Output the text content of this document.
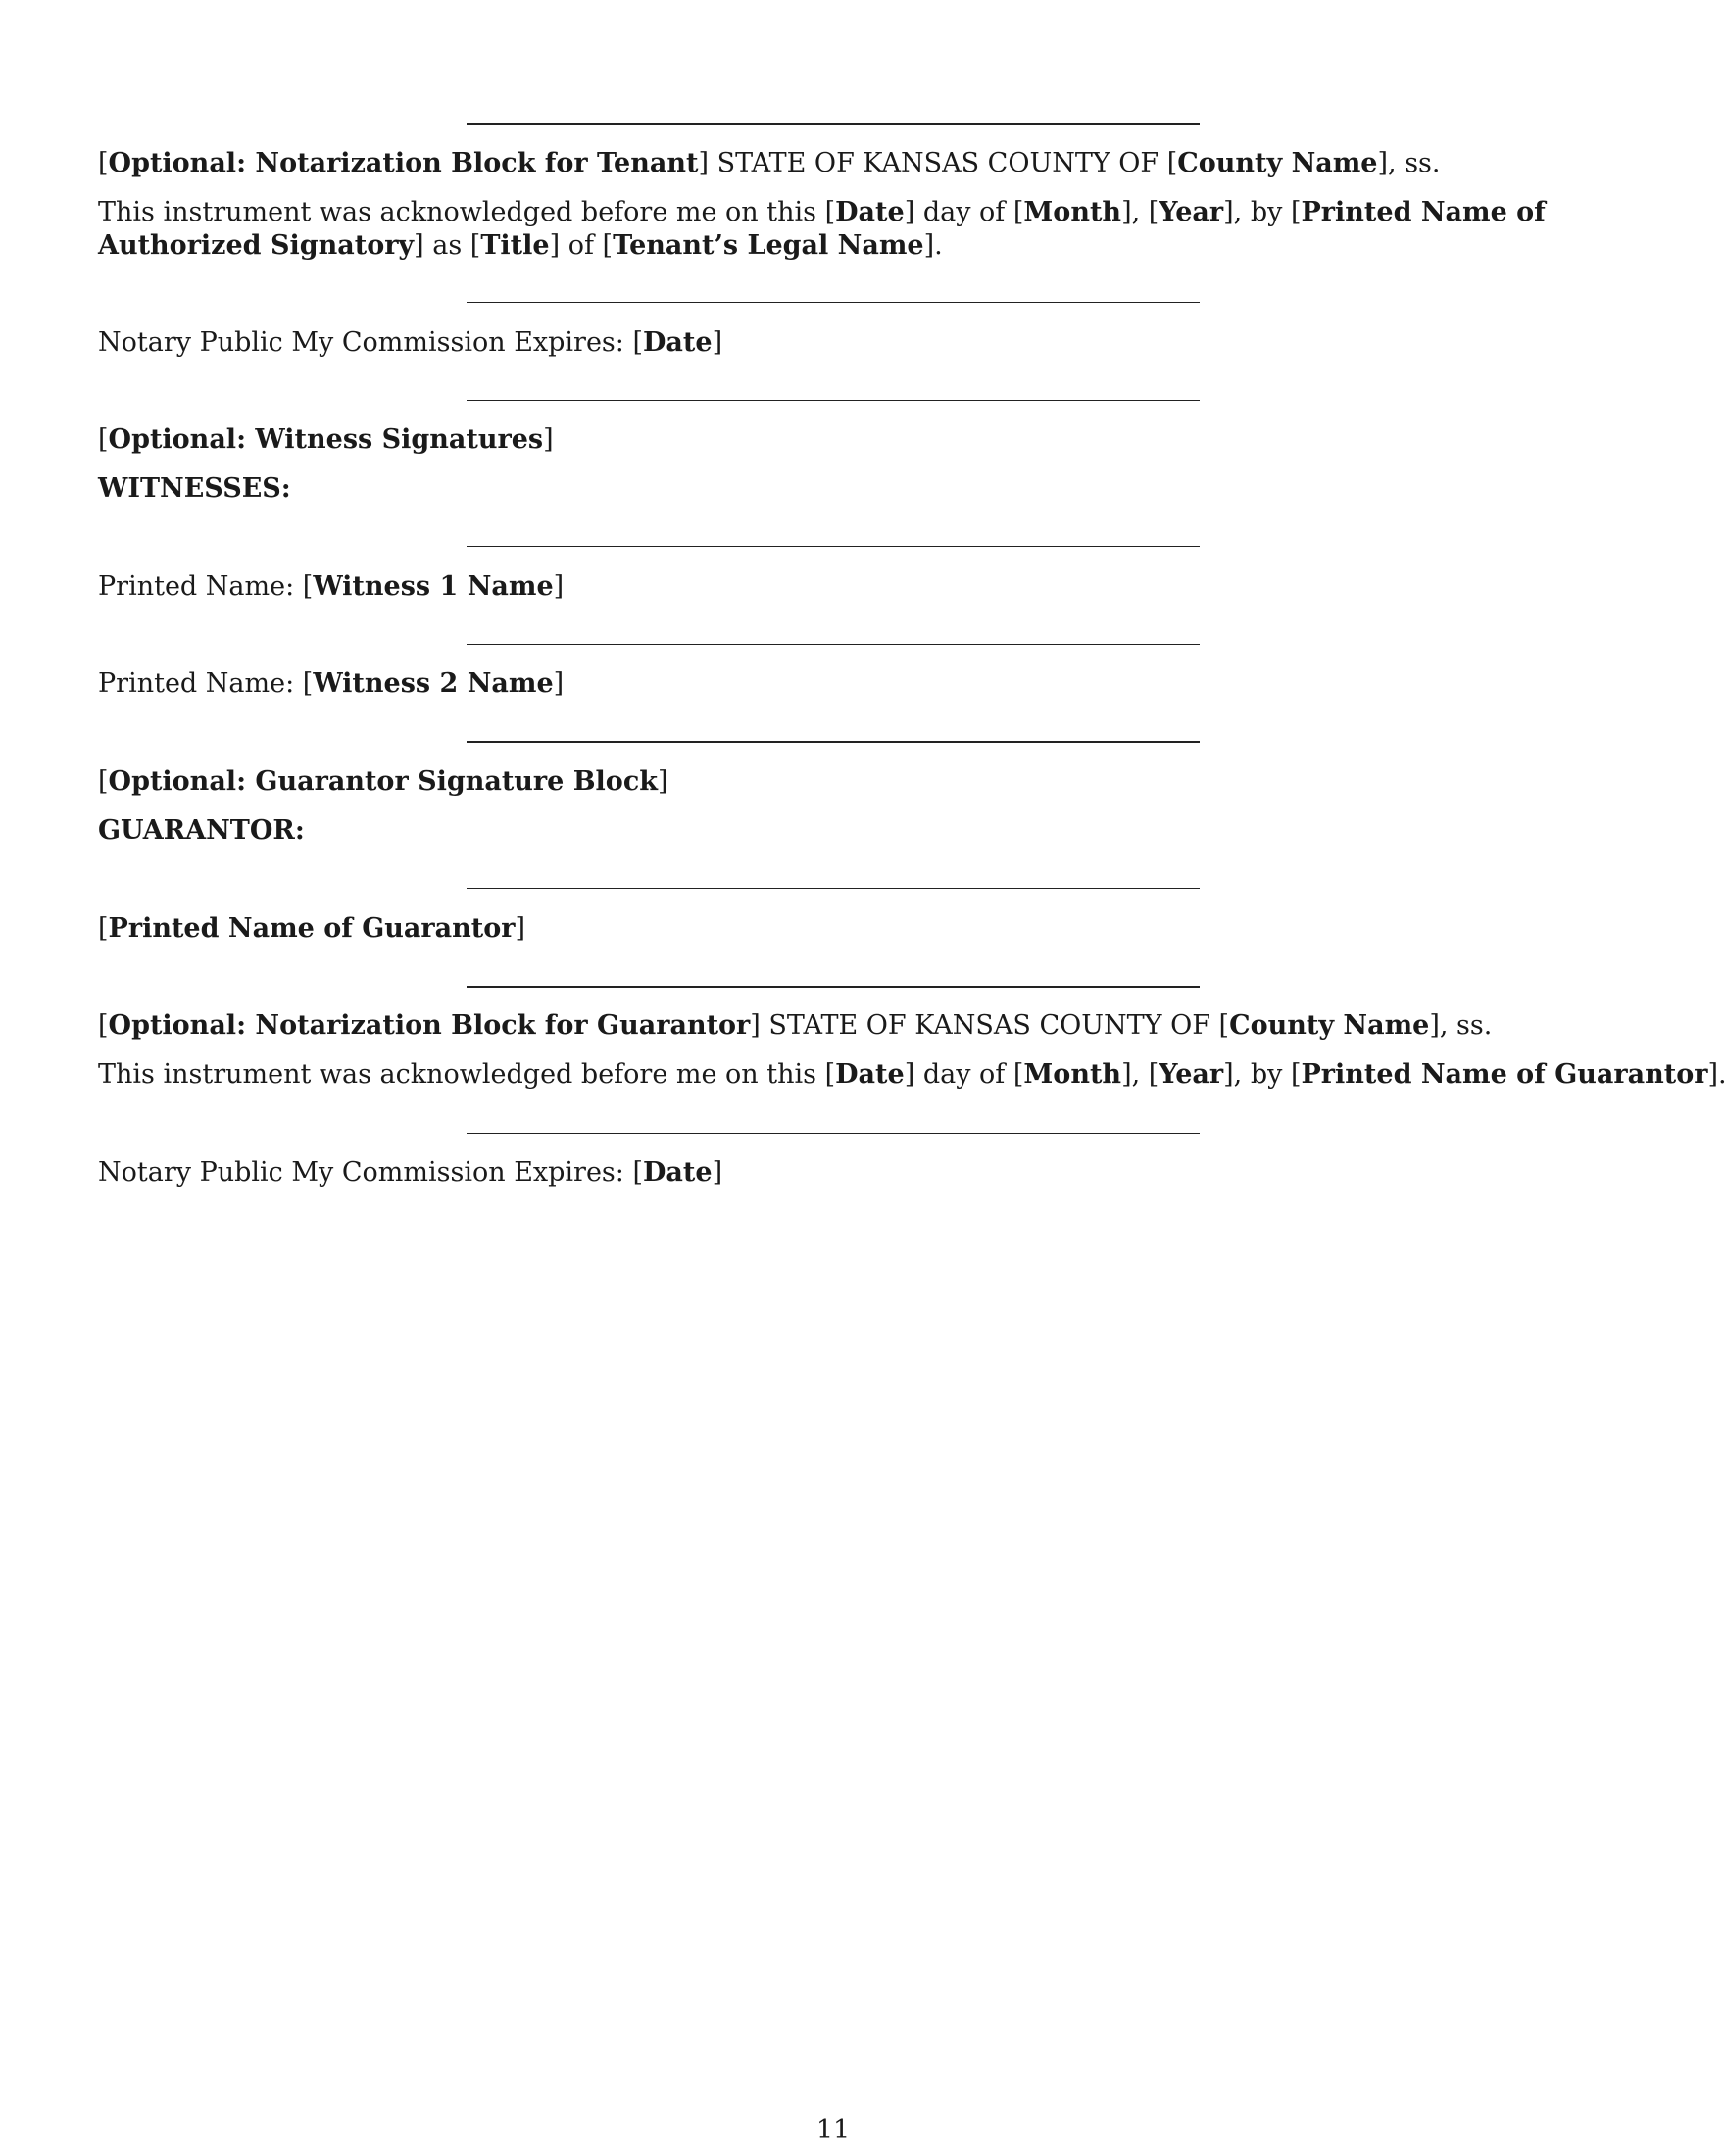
[Optional: Notarization Block for Tenant] STATE OF KANSAS COUNTY OF [County Name], ss.
This instrument was acknowledged before me on this [Date] day of [Month], [Year], by [Printed Name of Authorized Signatory] as [Title] of [Tenant’s Legal Name].
Notary Public My Commission Expires: [Date]
[Optional: Witness Signatures]
WITNESSES:
Printed Name: [Witness 1 Name]
Printed Name: [Witness 2 Name]
[Optional: Guarantor Signature Block]
GUARANTOR:
[Printed Name of Guarantor]
[Optional: Notarization Block for Guarantor] STATE OF KANSAS COUNTY OF [County Name], ss.
This instrument was acknowledged before me on this [Date] day of [Month], [Year], by [Printed Name of Guarantor].
Notary Public My Commission Expires: [Date]
11
